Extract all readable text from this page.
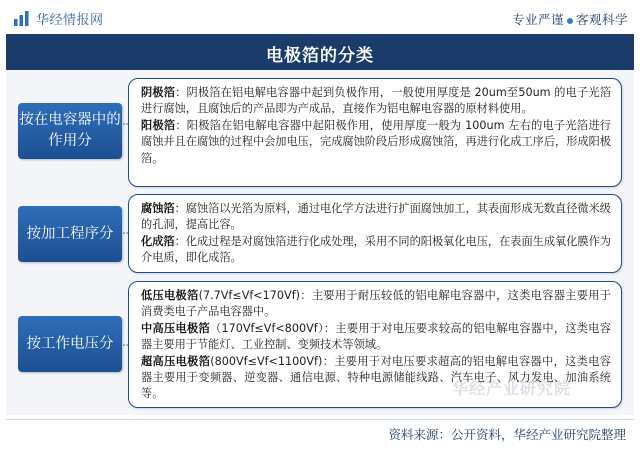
华经情报网	专业严谨 客观科学
电极箔的分类
按在电容器中的作用分

阴极箔：阴极箔在铝电解电容器中起到负极作用，一般使用厚度是 20um至50um 的电子光箔进行腐蚀，且腐蚀后的产品即为产成品，直接作为铝电解电容器的原材料使用。

阳极箔：阳极箔在铝电解电容器中起阳极作用，使用厚度一般为 100um 左右的电子光箔进行腐蚀并且在腐蚀的过程中会加电压，完成腐蚀阶段后形成腐蚀箔，再进行化成工序后，形成阳极箔。

按加工程序分

腐蚀箔：腐蚀箔以光箔为原料，通过电化学方法进行扩面腐蚀加工，其表面形成无数直径微米级的孔洞，提高比容。

化成箔：化成过程是对腐蚀箔进行化成处理，采用不同的阳极氧化电压，在表面生成氧化膜作为介电质，即化成箔。

按工作电压分

低压电极箔(7.7Vf≤Vf<170Vf)：主要用于耐压较低的铝电解电容器中，这类电容器主要用于消费类电子产品电容器中。

中高压电极箔（170Vf≤Vf<800Vf）：主要用于对电压要求较高的铝电解电容器中，这类电容器主要用于节能灯、工业控制、变频技术等领域。

超高压电极箔(800Vf≤Vf<1100Vf)：主要用于对电压要求超高的铝电解电容器中，这类电容器主要用于变频器、逆变器、通信电源、特种电源储能线路、汽车电子、风力发电、加油系统等。	华经产业研究院
资料来源：公开资料，华经产业研究院整理
